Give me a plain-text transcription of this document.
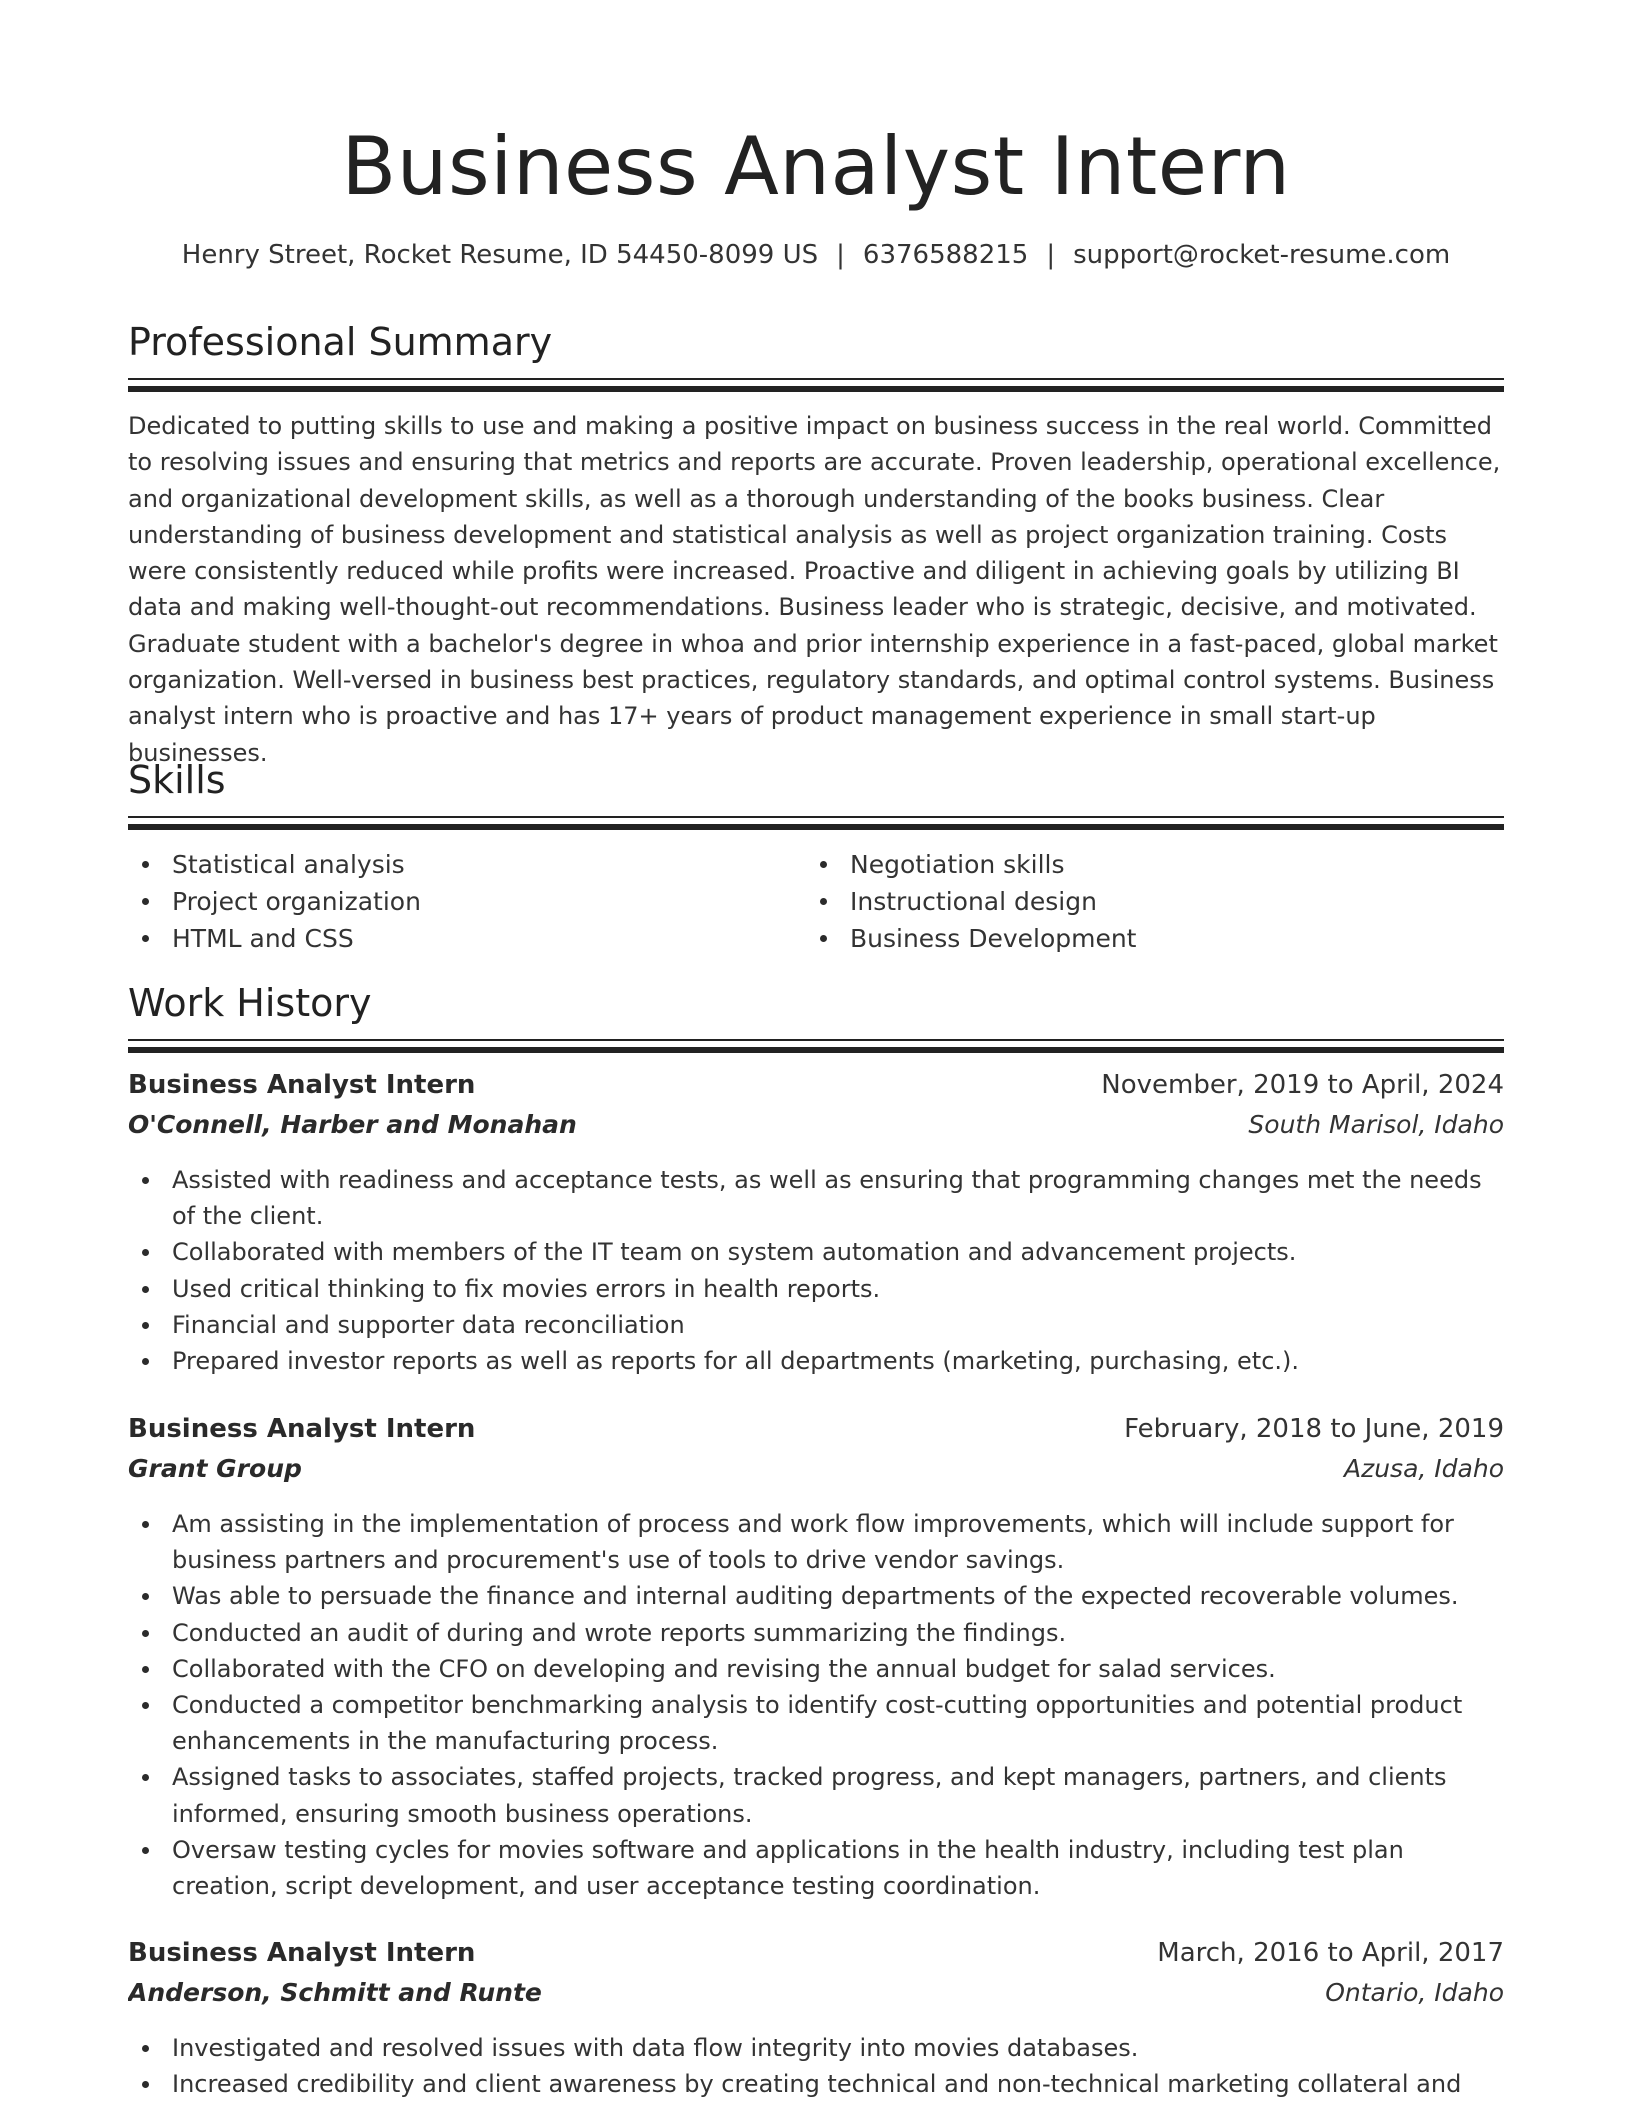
Business Analyst Intern
Henry Street, Rocket Resume, ID 54450-8099 US | 6376588215 | support@rocket-resume.com
Professional Summary

Dedicated to putting skills to use and making a positive impact on business success in the real world. Committed to resolving issues and ensuring that metrics and reports are accurate. Proven leadership, operational excellence, and organizational development skills, as well as a thorough understanding of the books business. Clear understanding of business development and statistical analysis as well as project organization training. Costs were consistently reduced while profits were increased. Proactive and diligent in achieving goals by utilizing BI data and making well-thought-out recommendations. Business leader who is strategic, decisive, and motivated. Graduate student with a bachelor's degree in whoa and prior internship experience in a fast-paced, global market organization. Well-versed in business best practices, regulatory standards, and optimal control systems. Business analyst intern who is proactive and has 17+ years of product management experience in small start-up businesses.

Skills
Statistical analysis
Project organization
HTML and CSS
Negotiation skills
Instructional design
Business Development
Work History
Business Analyst Intern	November, 2019 to April, 2024
O'Connell, Harber and Monahan	South Marisol, Idaho
Assisted with readiness and acceptance tests, as well as ensuring that programming changes met the needs of the client.
Collaborated with members of the IT team on system automation and advancement projects.
Used critical thinking to fix movies errors in health reports.
Financial and supporter data reconciliation
Prepared investor reports as well as reports for all departments (marketing, purchasing, etc.).
Business Analyst Intern	February, 2018 to June, 2019
Grant Group	Azusa, Idaho
Am assisting in the implementation of process and work flow improvements, which will include support for business partners and procurement's use of tools to drive vendor savings.
Was able to persuade the finance and internal auditing departments of the expected recoverable volumes.
Conducted an audit of during and wrote reports summarizing the findings.
Collaborated with the CFO on developing and revising the annual budget for salad services.
Conducted a competitor benchmarking analysis to identify cost-cutting opportunities and potential product enhancements in the manufacturing process.
Assigned tasks to associates, staffed projects, tracked progress, and kept managers, partners, and clients informed, ensuring smooth business operations.
Oversaw testing cycles for movies software and applications in the health industry, including test plan creation, script development, and user acceptance testing coordination.
Business Analyst Intern	March, 2016 to April, 2017
Anderson, Schmitt and Runte	Ontario, Idaho
Investigated and resolved issues with data flow integrity into movies databases.
Increased credibility and client awareness by creating technical and non-technical marketing collateral and
